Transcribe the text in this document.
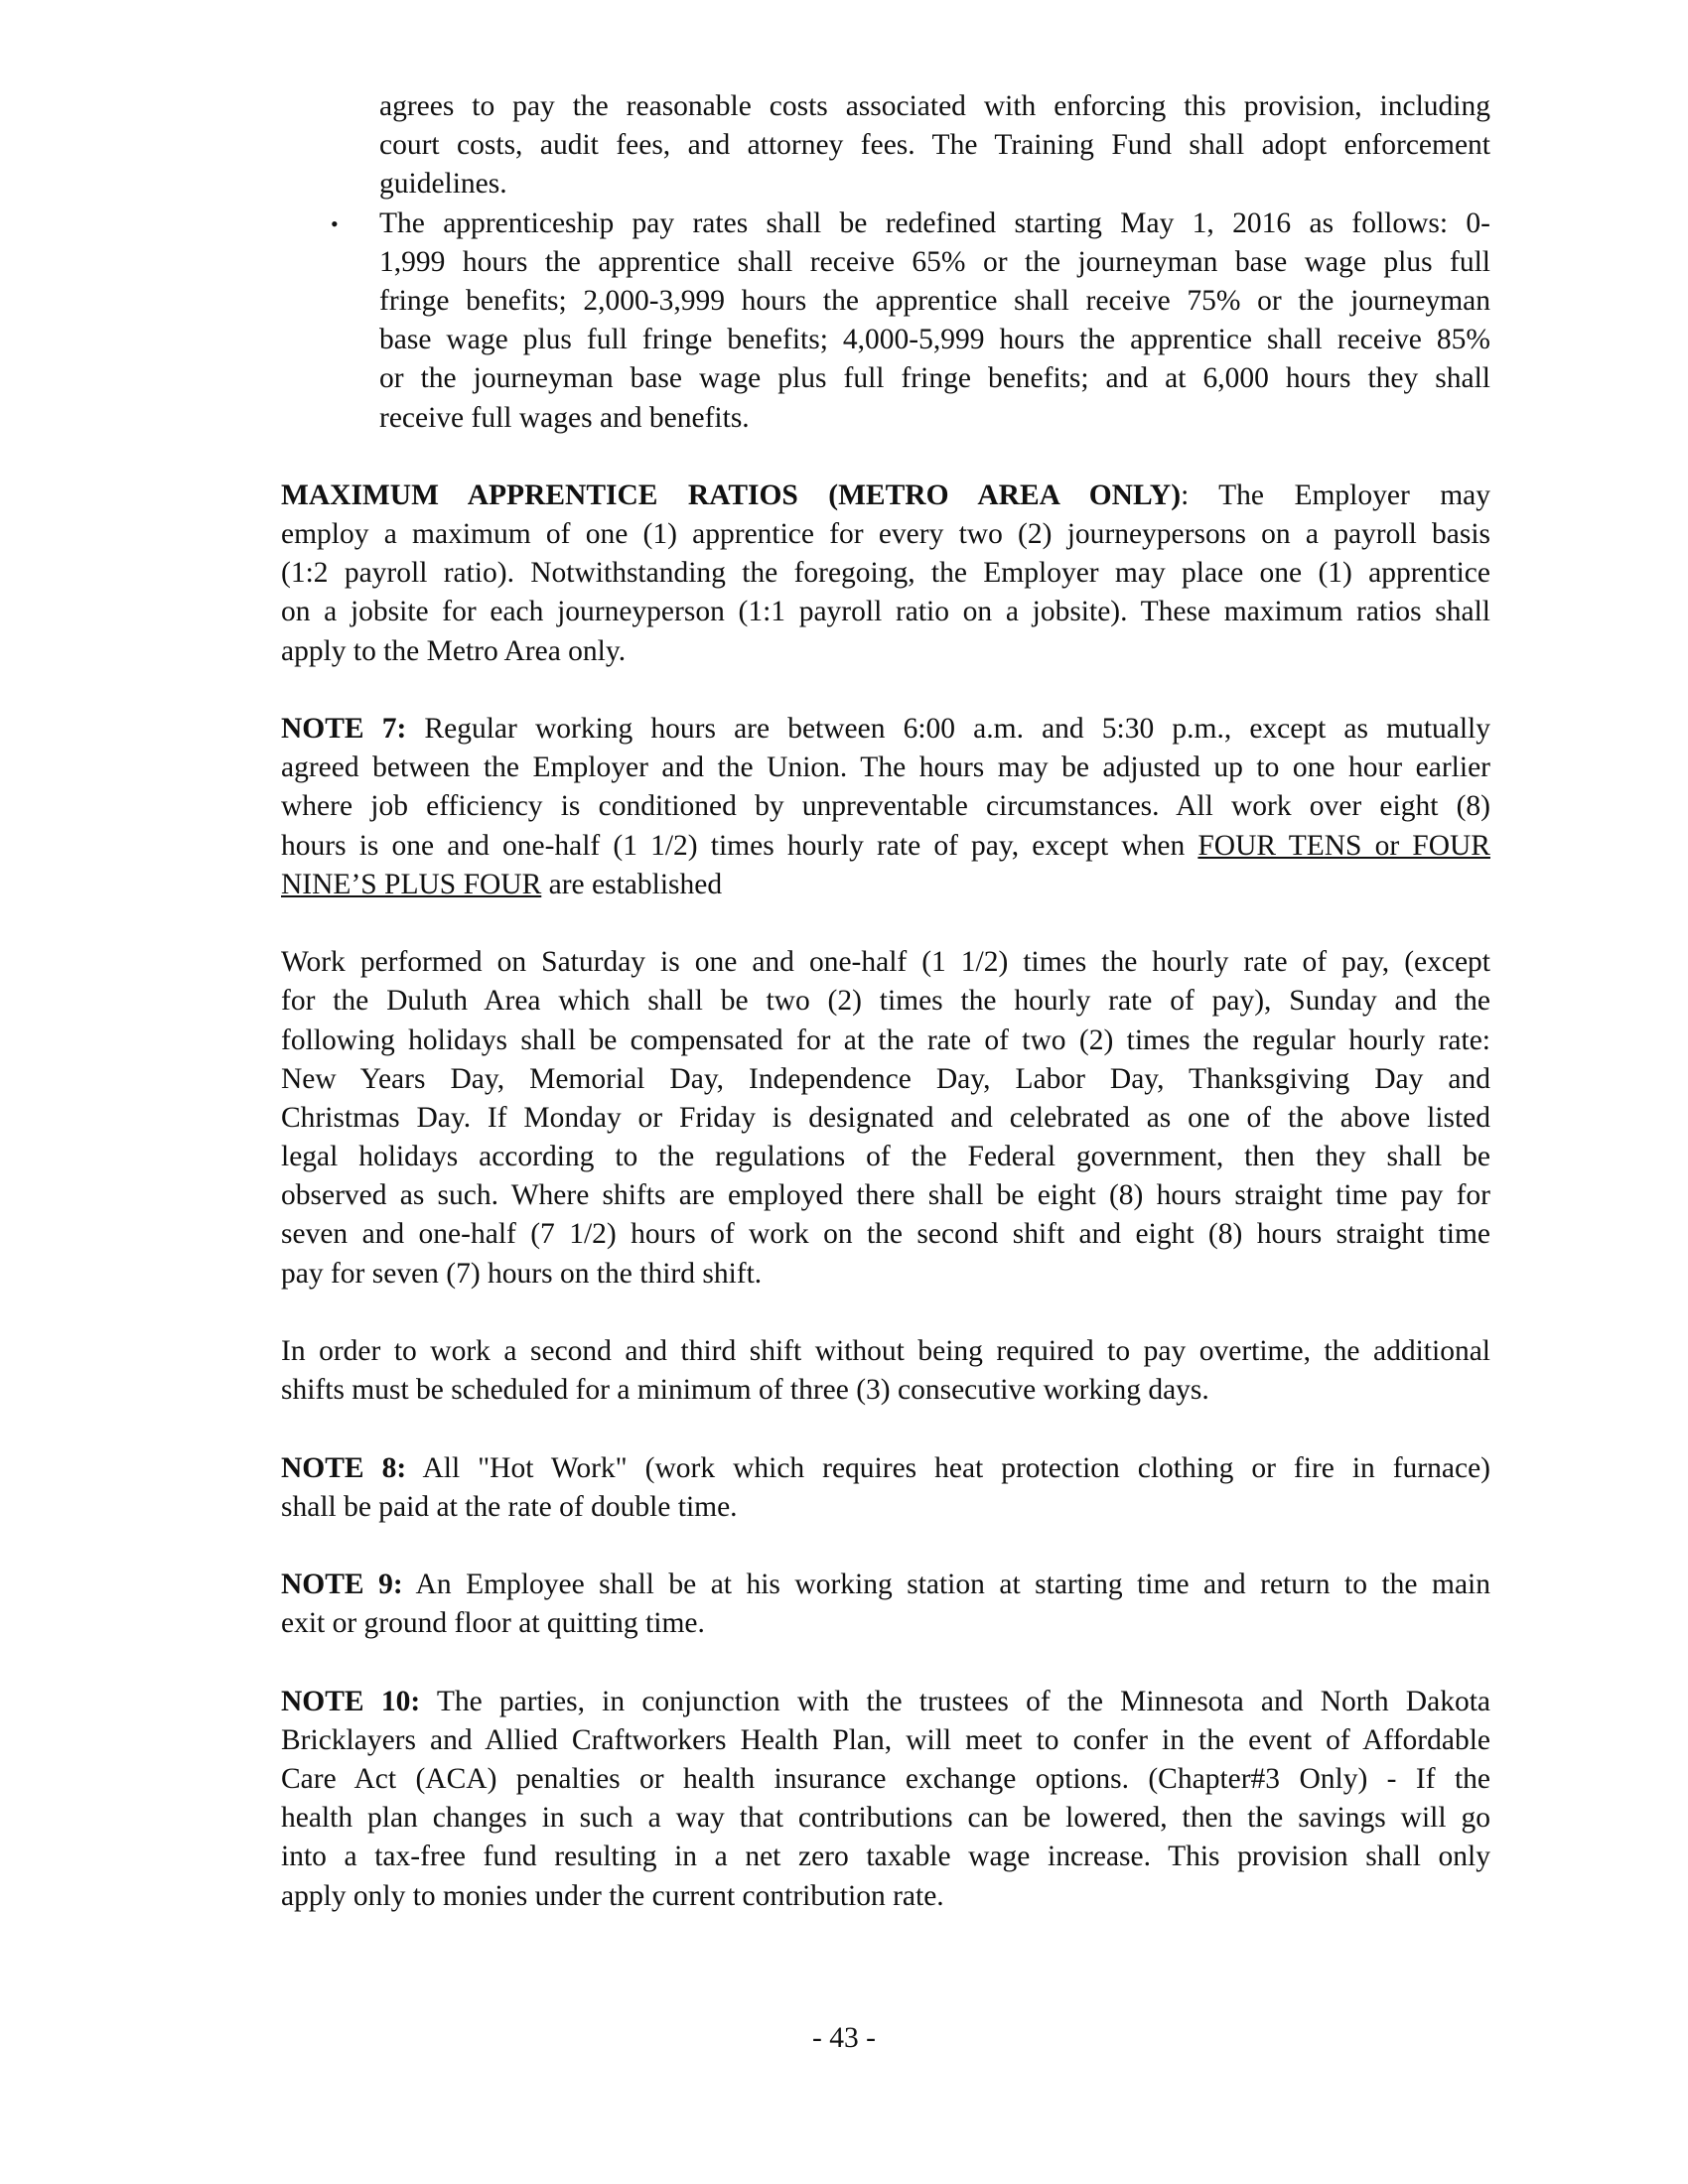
agrees to pay the reasonable costs associated with enforcing this provision, including
court costs, audit fees, and attorney fees. The Training Fund shall adopt enforcement
guidelines.
• The apprenticeship pay rates shall be redefined starting May 1, 2016 as follows: 0-
1,999 hours the apprentice shall receive 65% or the journeyman base wage plus full
fringe benefits; 2,000-3,999 hours the apprentice shall receive 75% or the journeyman
base wage plus full fringe benefits; 4,000-5,999 hours the apprentice shall receive 85%
or the journeyman base wage plus full fringe benefits; and at 6,000 hours they shall
receive full wages and benefits.
MAXIMUM APPRENTICE RATIOS (METRO AREA ONLY): The Employer may
employ a maximum of one (1) apprentice for every two (2) journeypersons on a payroll basis
(1:2 payroll ratio). Notwithstanding the foregoing, the Employer may place one (1) apprentice
on a jobsite for each journeyperson (1:1 payroll ratio on a jobsite). These maximum ratios shall
apply to the Metro Area only.
NOTE 7: Regular working hours are between 6:00 a.m. and 5:30 p.m., except as mutually
agreed between the Employer and the Union. The hours may be adjusted up to one hour earlier
where job efficiency is conditioned by unpreventable circumstances. All work over eight (8)
hours is one and one-half (1 1/2) times hourly rate of pay, except when FOUR TENS or FOUR
NINE’S PLUS FOUR are established
Work performed on Saturday is one and one-half (1 1/2) times the hourly rate of pay, (except
for the Duluth Area which shall be two (2) times the hourly rate of pay), Sunday and the
following holidays shall be compensated for at the rate of two (2) times the regular hourly rate:
New Years Day, Memorial Day, Independence Day, Labor Day, Thanksgiving Day and
Christmas Day. If Monday or Friday is designated and celebrated as one of the above listed
legal holidays according to the regulations of the Federal government, then they shall be
observed as such. Where shifts are employed there shall be eight (8) hours straight time pay for
seven and one-half (7 1/2) hours of work on the second shift and eight (8) hours straight time
pay for seven (7) hours on the third shift.
In order to work a second and third shift without being required to pay overtime, the additional
shifts must be scheduled for a minimum of three (3) consecutive working days.
NOTE 8: All "Hot Work" (work which requires heat protection clothing or fire in furnace)
shall be paid at the rate of double time.
NOTE 9: An Employee shall be at his working station at starting time and return to the main
exit or ground floor at quitting time.
NOTE 10: The parties, in conjunction with the trustees of the Minnesota and North Dakota
Bricklayers and Allied Craftworkers Health Plan, will meet to confer in the event of Affordable
Care Act (ACA) penalties or health insurance exchange options. (Chapter#3 Only) - If the
health plan changes in such a way that contributions can be lowered, then the savings will go
into a tax-free fund resulting in a net zero taxable wage increase. This provision shall only
apply only to monies under the current contribution rate.
- 43 -
